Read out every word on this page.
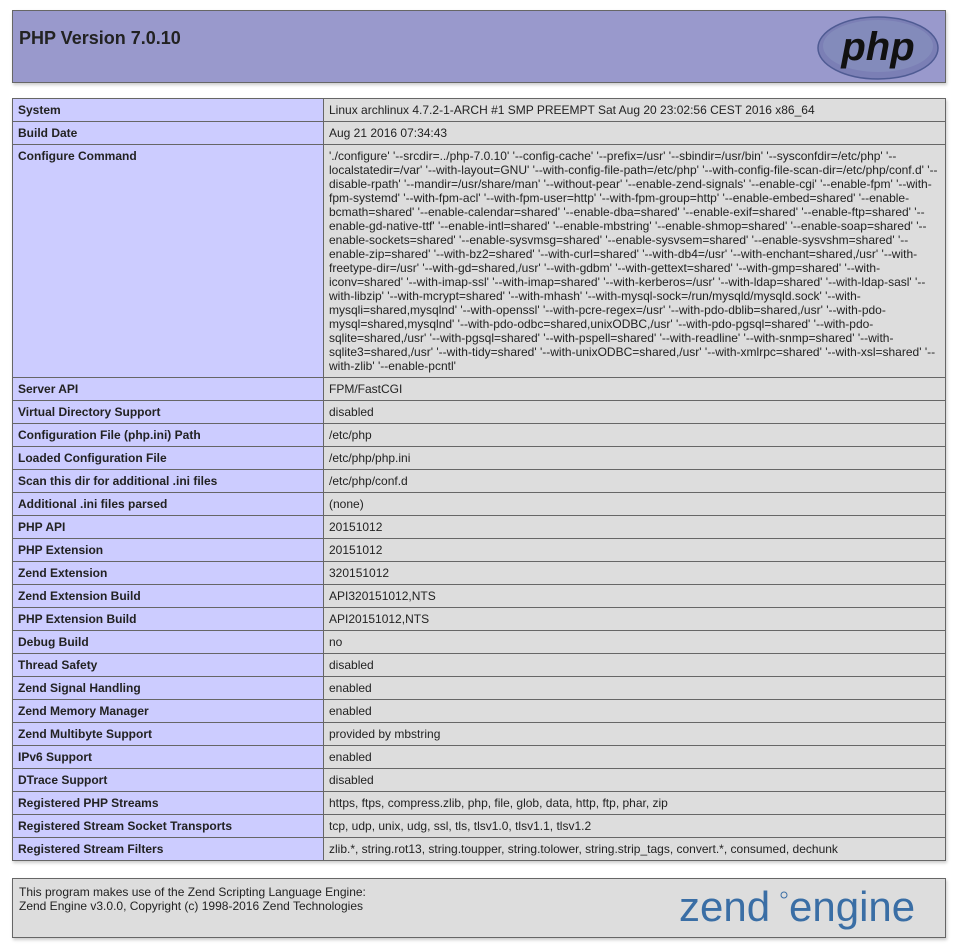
PHP Version 7.0.10	php
System	Linux archlinux 4.7.2-1-ARCH #1 SMP PREEMPT Sat Aug 20 23:02:56 CEST 2016 x86_64
Build Date	Aug 21 2016 07:34:43
Configure Command	'./configure' '--srcdir=../php-7.0.10' '--config-cache' '--prefix=/usr' '--sbindir=/usr/bin' '--sysconfdir=/etc/php' '--localstatedir=/var' '--with-layout=GNU' '--with-config-file-path=/etc/php' '--with-config-file-scan-dir=/etc/php/conf.d' '--disable-rpath' '--mandir=/usr/share/man' '--without-pear' '--enable-zend-signals' '--enable-cgi' '--enable-fpm' '--with-fpm-systemd' '--with-fpm-acl' '--with-fpm-user=http' '--with-fpm-group=http' '--enable-embed=shared' '--enable-bcmath=shared' '--enable-calendar=shared' '--enable-dba=shared' '--enable-exif=shared' '--enable-ftp=shared' '--enable-gd-native-ttf' '--enable-intl=shared' '--enable-mbstring' '--enable-shmop=shared' '--enable-soap=shared' '--enable-sockets=shared' '--enable-sysvmsg=shared' '--enable-sysvsem=shared' '--enable-sysvshm=shared' '--enable-zip=shared' '--with-bz2=shared' '--with-curl=shared' '--with-db4=/usr' '--with-enchant=shared,/usr' '--with-freetype-dir=/usr' '--with-gd=shared,/usr' '--with-gdbm' '--with-gettext=shared' '--with-gmp=shared' '--with-iconv=shared' '--with-imap-ssl' '--with-imap=shared' '--with-kerberos=/usr' '--with-ldap=shared' '--with-ldap-sasl' '--with-libzip' '--with-mcrypt=shared' '--with-mhash' '--with-mysql-sock=/run/mysqld/mysqld.sock' '--with-mysqli=shared,mysqlnd' '--with-openssl' '--with-pcre-regex=/usr' '--with-pdo-dblib=shared,/usr' '--with-pdo-mysql=shared,mysqlnd' '--with-pdo-odbc=shared,unixODBC,/usr' '--with-pdo-pgsql=shared' '--with-pdo-sqlite=shared,/usr' '--with-pgsql=shared' '--with-pspell=shared' '--with-readline' '--with-snmp=shared' '--with-sqlite3=shared,/usr' '--with-tidy=shared' '--with-unixODBC=shared,/usr' '--with-xmlrpc=shared' '--with-xsl=shared' '--with-zlib' '--enable-pcntl'
Server API	FPM/FastCGI
Virtual Directory Support	disabled
Configuration File (php.ini) Path	/etc/php
Loaded Configuration File	/etc/php/php.ini
Scan this dir for additional .ini files	/etc/php/conf.d
Additional .ini files parsed	(none)
PHP API	20151012
PHP Extension	20151012
Zend Extension	320151012
Zend Extension Build	API320151012,NTS
PHP Extension Build	API20151012,NTS
Debug Build	no
Thread Safety	disabled
Zend Signal Handling	enabled
Zend Memory Manager	enabled
Zend Multibyte Support	provided by mbstring
IPv6 Support	enabled
DTrace Support	disabled
Registered PHP Streams	https, ftps, compress.zlib, php, file, glob, data, http, ftp, phar, zip
Registered Stream Socket Transports	tcp, udp, unix, udg, ssl, tls, tlsv1.0, tlsv1.1, tlsv1.2
Registered Stream Filters	zlib.*, string.rot13, string.toupper, string.tolower, string.strip_tags, convert.*, consumed, dechunk
This program makes use of the Zend Scripting Language Engine:
Zend Engine v3.0.0, Copyright (c) 1998-2016 Zend Technologies	zend engine
